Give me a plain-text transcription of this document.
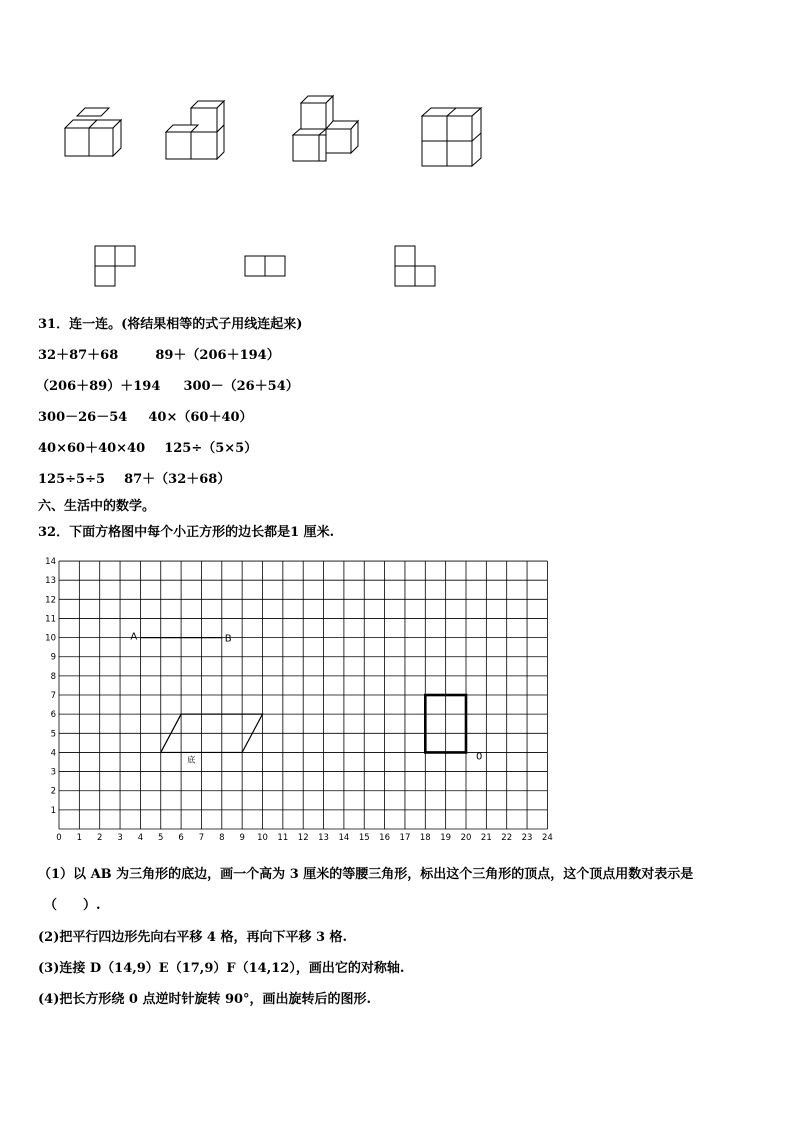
31．连一连。(将结果相等的式子用线连起来)
32＋87＋68	89＋（206＋194）
（206＋89）＋194 300－（26＋54）
300－26－54 40×（60＋40）
40×60＋40×40 125÷（5×5）
125÷5÷5 87＋（32＋68）
六、生活中的数学。
32．下面方格图中每个小正方形的边长都是1 厘米.
0 1 2 3 4 5 6 7 8 9 10 11 12 13 14 15 16 17 18 19 20 21 22 23 24
1
2
3
4
5
6
7
8
9
10
11
12
13
14
A	B
底	0
（1）以 AB 为三角形的底边，画一个高为 3 厘米的等腰三角形，标出这个三角形的顶点，这个顶点用数对表示是
（　　）.
(2)把平行四边形先向右平移 4 格，再向下平移 3 格.
(3)连接 D（14,9）E（17,9）F（14,12），画出它的对称轴.
(4)把长方形绕 0 点逆时针旋转 90°，画出旋转后的图形.
